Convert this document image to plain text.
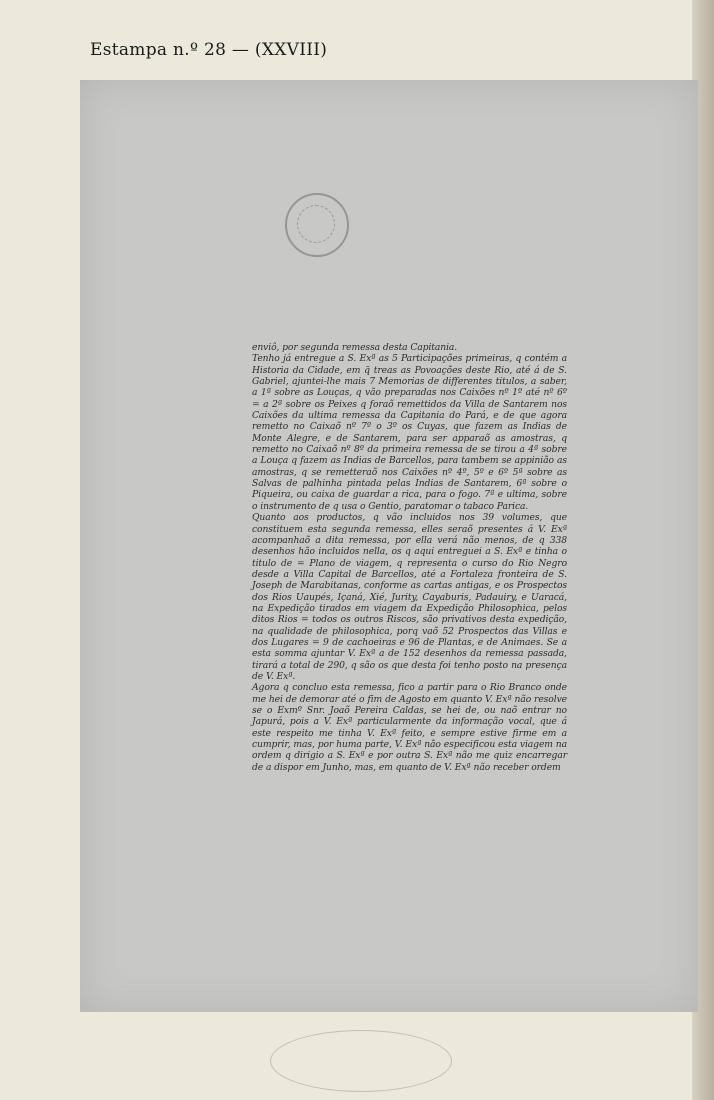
Estampa n.º 28 — (XXVIII)

enviô, por segunda remessa desta Capitania.

Tenho já entregue a S. Exª as 5 Participações primeiras, q contém a Historia da Cidade, em q̃ treas as Povoações deste Rio, até á de S. Gabriel, ajuntei-lhe mais 7 Memorias de differentes titulos, a saber, a 1ª sobre as Louças, q vão preparadas nos Caixões nº 1º até nº 6º = a 2ª sobre os Peixes q foraõ remettidos da Villa de Santarem nos Caixões da ultima remessa da Capitania do Pará, e de que agora remetto no Caixaõ nº 7º o 3º os Cuyas, que fazem as Indias de Monte Alegre, e de Santarem, para ser apparaõ as amostras, q remetto no Caixaõ nº 8º da primeira remessa de se tirou a 4ª sobre a Louça q fazem as Indias de Barcellos, para tambem se appinião as amostras, q se remetteraõ nos Caixões nº 4º, 5º e 6º 5ª sobre as Salvas de palhinha pintada pelas Indias de Santarem, 6ª sobre o Piqueira, ou caixa de guardar a rica, para o fogo. 7ª e ultima, sobre o instrumento de q usa o Gentio, paratomar o tabaco Parica.

Quanto aos productos, q vão incluidos nos 39 volumes, que constituem esta segunda remessa, elles seraõ presentes á V. Exª acompanhaõ a dita remessa, por ella verá não menos, de q 338 desenhos hão incluidos nella, os q aqui entreguei a S. Exª e tinha o titulo de = Plano de viagem, q representa o curso do Rio Negro desde a Villa Capital de Barcellos, até a Fortaleza fronteira de S. Joseph de Marabitanas, conforme as cartas antigas, e os Prospectos dos Rios Uaupés, Içaná, Xié, Jurity, Cayaburis, Padauiry, e Uaracá, na Expedição tirados em viagem da Expedição Philosophica, pelos ditos Rios = todos os outros Riscos, são privativos desta expedição, na qualidade de philosophica, porq vaõ 52 Prospectos das Villas e dos Lugares = 9 de cachoeiras e 96 de Plantas, e de Animaes. Se a esta somma ajuntar V. Exª a de 152 desenhos da remessa passada, tirará a total de 290, q são os que desta foi tenho posto na presença de V. Exª.

Agora q concluo esta remessa, fico a partir para o Rio Branco onde me hei de demorar até o fim de Agosto em quanto V. Exª não resolve se o Exmº Snr. Joaõ Pereira Caldas, se hei de, ou naõ entrar no Japurá, pois a V. Exª particularmente da informação vocal, que á este respeito me tinha V. Exª feito, e sempre estive firme em a cumprir, mas, por huma parte, V. Exª não especificou esta viagem na ordem q dirigio a S. Exª e por outra S. Exª não me quiz encarregar de a dispor em Junho, mas, em quanto de V. Exª não receber ordem
